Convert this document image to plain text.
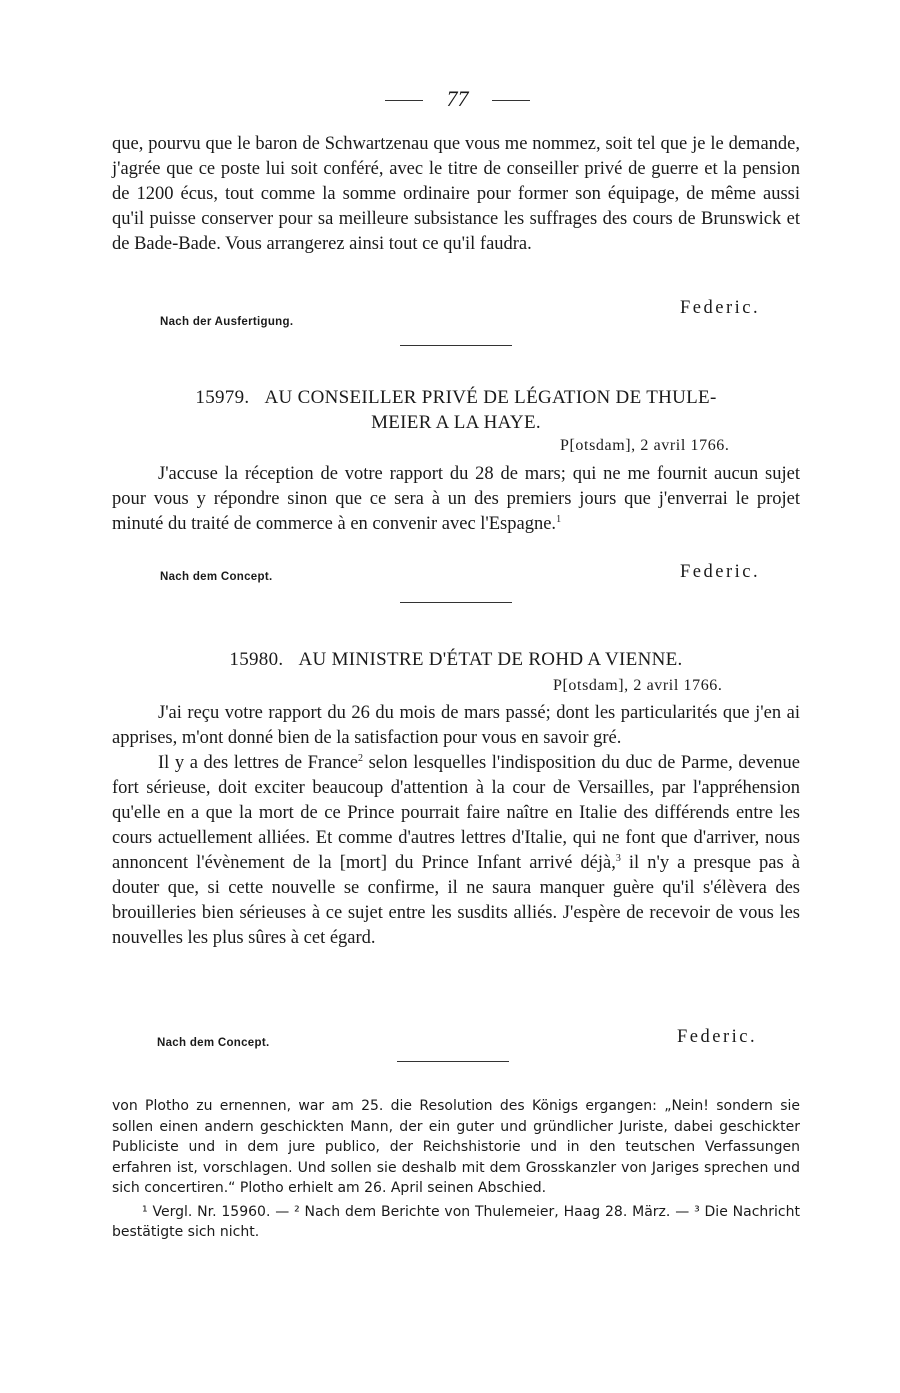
77

que, pourvu que le baron de Schwartzenau que vous me nommez, soit tel que je le demande, j'agrée que ce poste lui soit conféré, avec le titre de conseiller privé de guerre et la pension de 1200 écus, tout comme la somme ordinaire pour former son équipage, de même aussi qu'il puisse conserver pour sa meilleure subsistance les suffrages des cours de Brunswick et de Bade-Bade. Vous arrangerez ainsi tout ce qu'il faudra.

Nach der Ausfertigung.
Federic.
15979. AU CONSEILLER PRIVÉ DE LÉGATION DE THULE-
MEIER A LA HAYE.
P[otsdam], 2 avril 1766.

J'accuse la réception de votre rapport du 28 de mars; qui ne me fournit aucun sujet pour vous y répondre sinon que ce sera à un des premiers jours que j'enverrai le projet minuté du traité de commerce à en convenir avec l'Espagne.$^1$

Nach dem Concept.	Federic.
15980. AU MINISTRE D'ÉTAT DE ROHD A VIENNE.
P[otsdam], 2 avril 1766.

J'ai reçu votre rapport du 26 du mois de mars passé; dont les particularités que j'en ai apprises, m'ont donné bien de la satisfaction pour vous en savoir gré.

Il y a des lettres de France$^2$ selon lesquelles l'indisposition du duc de Parme, devenue fort sérieuse, doit exciter beaucoup d'attention à la cour de Versailles, par l'appréhension qu'elle en a que la mort de ce Prince pourrait faire naître en Italie des différends entre les cours actuellement alliées. Et comme d'autres lettres d'Italie, qui ne font que d'arriver, nous annoncent l'évènement de la [mort] du Prince Infant arrivé déjà,$^3$ il n'y a presque pas à douter que, si cette nouvelle se confirme, il ne saura manquer guère qu'il s'élèvera des brouilleries bien sérieuses à ce sujet entre les susdits alliés. J'espère de recevoir de vous les nouvelles les plus sûres à cet égard.

Nach dem Concept.	Federic.

von Plotho zu ernennen, war am 25. die Resolution des Königs ergangen: „Nein! sondern sie sollen einen andern geschickten Mann, der ein guter und gründlicher Juriste, dabei geschickter Publiciste und in dem jure publico, der Reichshistorie und in den teutschen Verfassungen erfahren ist, vorschlagen. Und sollen sie deshalb mit dem Grosskanzler von Jariges sprechen und sich concertiren.“ Plotho erhielt am 26. April seinen Abschied.

¹ Vergl. Nr. 15960. — ² Nach dem Berichte von Thulemeier, Haag 28. März. — ³ Die Nachricht bestätigte sich nicht.
